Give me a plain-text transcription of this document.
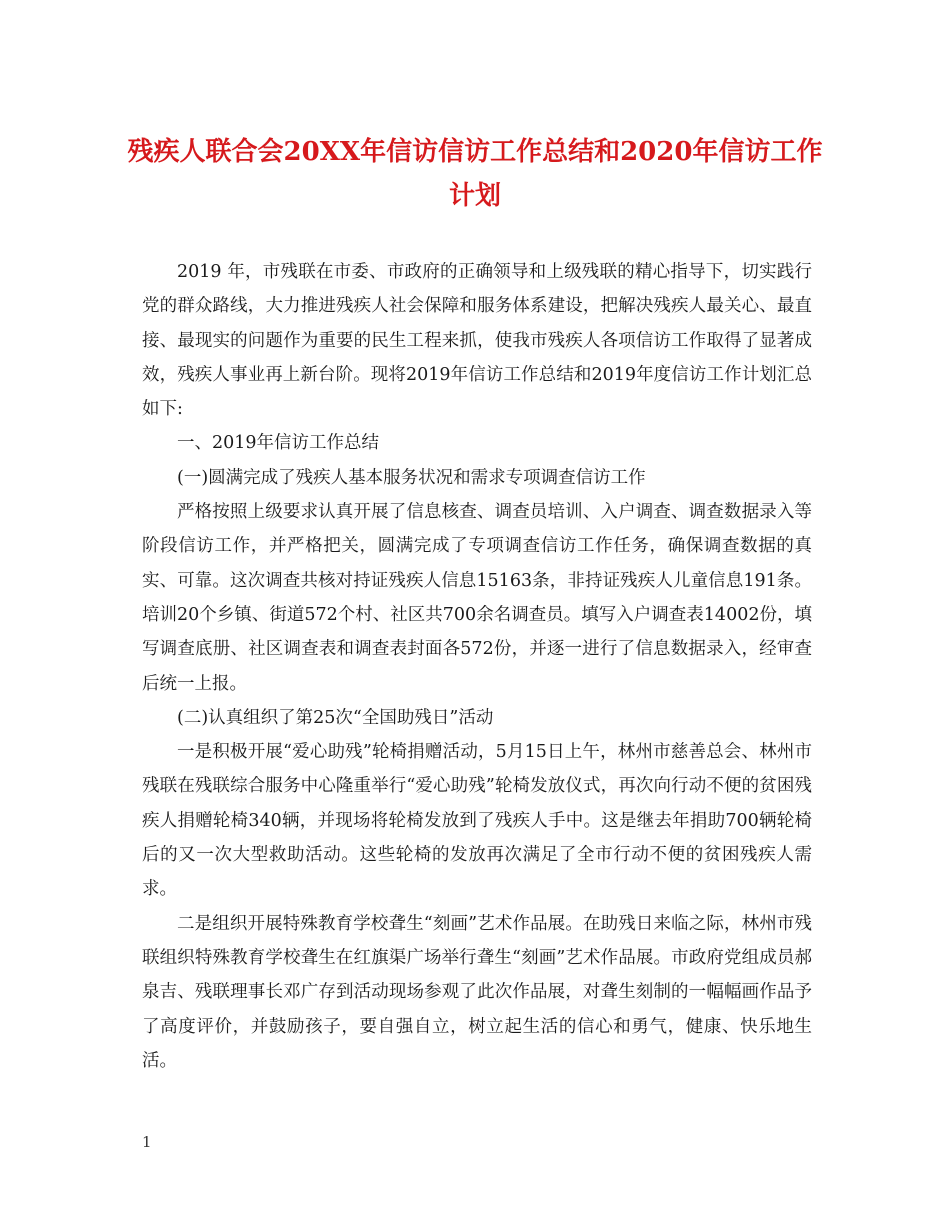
残疾人联合会20XX年信访信访工作总结和2020年信访工作计划

2019 年，市残联在市委、市政府的正确领导和上级残联的精心指导下，切实践行党的群众路线，大力推进残疾人社会保障和服务体系建设，把解决残疾人最关心、最直接、最现实的问题作为重要的民生工程来抓，使我市残疾人各项信访工作取得了显著成效，残疾人事业再上新台阶。现将2019年信访工作总结和2019年度信访工作计划汇总如下:

一、2019年信访工作总结

(一)圆满完成了残疾人基本服务状况和需求专项调查信访工作

严格按照上级要求认真开展了信息核查、调查员培训、入户调查、调查数据录入等阶段信访工作，并严格把关，圆满完成了专项调查信访工作任务，确保调查数据的真实、可靠。这次调查共核对持证残疾人信息15163条，非持证残疾人儿童信息191条。培训20个乡镇、街道572个村、社区共700余名调查员。填写入户调查表14002份，填写调查底册、社区调查表和调查表封面各572份，并逐一进行了信息数据录入，经审查后统一上报。

(二)认真组织了第25次“全国助残日”活动

一是积极开展“爱心助残”轮椅捐赠活动，5月15日上午，林州市慈善总会、林州市残联在残联综合服务中心隆重举行“爱心助残”轮椅发放仪式，再次向行动不便的贫困残疾人捐赠轮椅340辆，并现场将轮椅发放到了残疾人手中。这是继去年捐助700辆轮椅后的又一次大型救助活动。这些轮椅的发放再次满足了全市行动不便的贫困残疾人需求。

二是组织开展特殊教育学校聋生“刻画”艺术作品展。在助残日来临之际，林州市残联组织特殊教育学校聋生在红旗渠广场举行聋生“刻画”艺术作品展。市政府党组成员郝泉吉、残联理事长邓广存到活动现场参观了此次作品展，对聋生刻制的一幅幅画作品予了高度评价，并鼓励孩子，要自强自立，树立起生活的信心和勇气，健康、快乐地生活。

1
